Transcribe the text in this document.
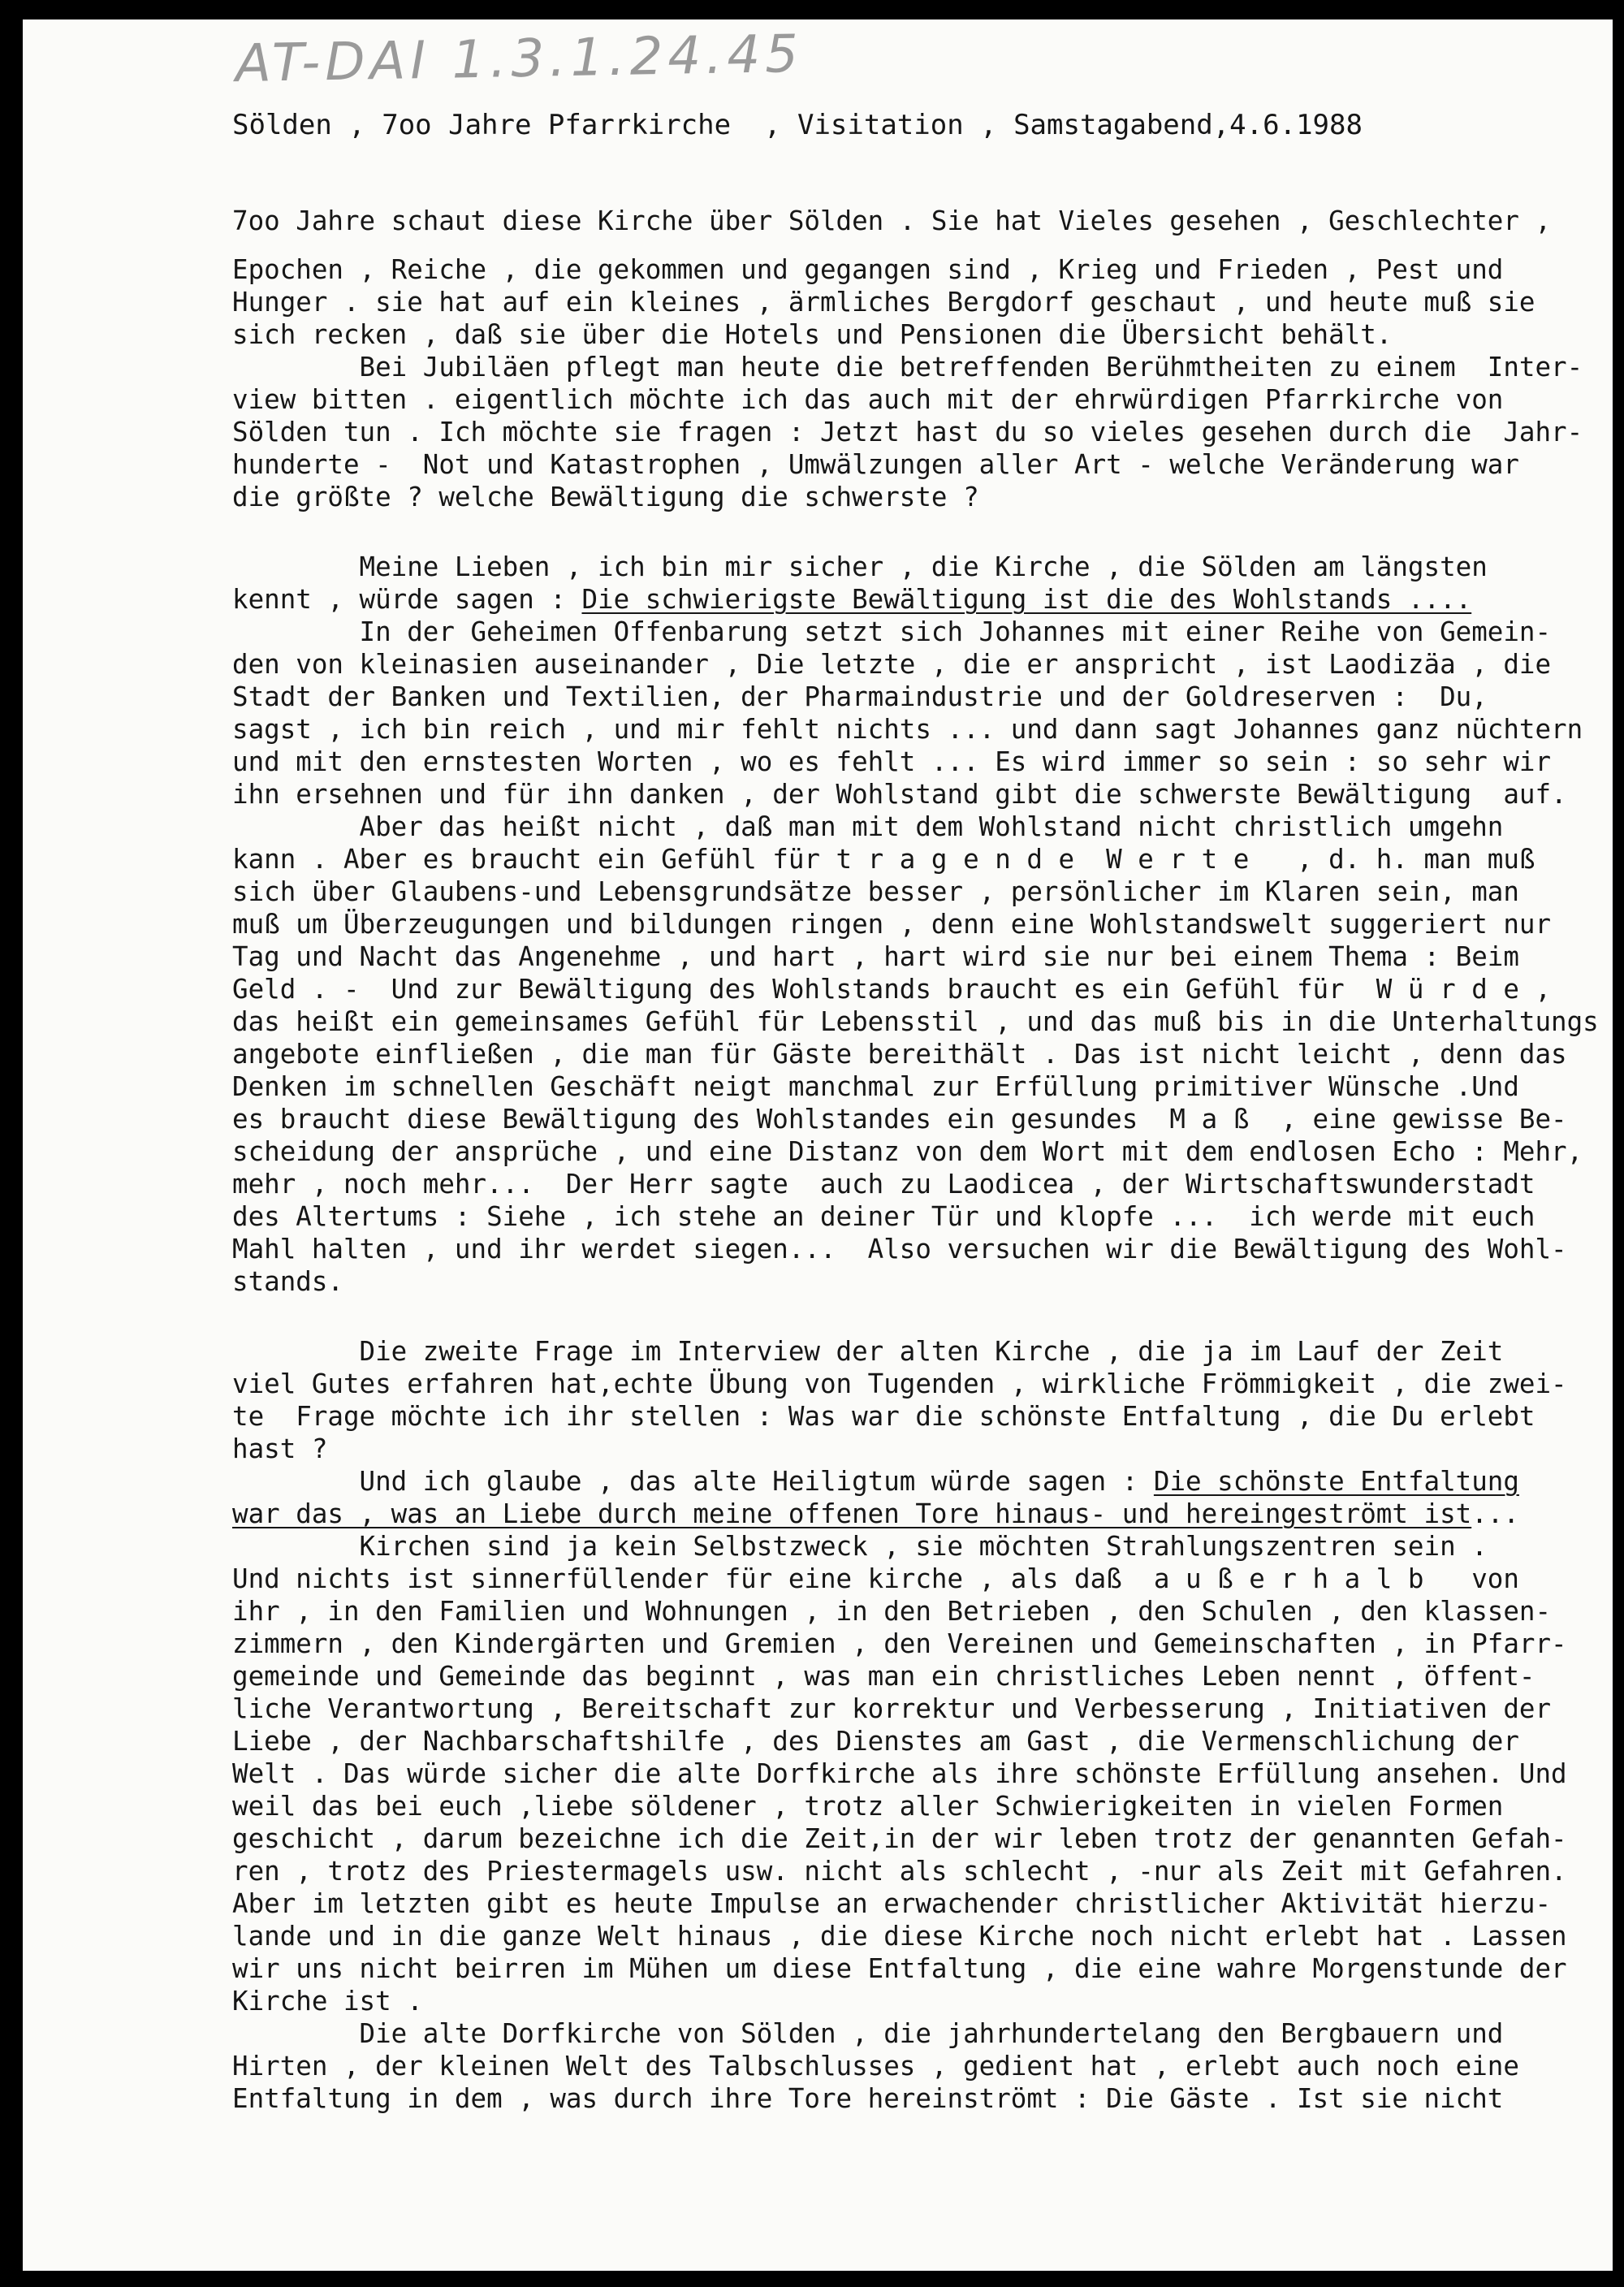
AT-DAI 1.3.1.24.45
Sölden , 7oo Jahre Pfarrkirche  , Visitation , Samstagabend,4.6.1988
7oo Jahre schaut diese Kirche über Sölden . Sie hat Vieles gesehen , Geschlechter ,
Epochen , Reiche , die gekommen und gegangen sind , Krieg und Frieden , Pest und
Hunger . sie hat auf ein kleines , ärmliches Bergdorf geschaut , und heute muß sie
sich recken , daß sie über die Hotels und Pensionen die Übersicht behält.
Bei Jubiläen pflegt man heute die betreffenden Berühmtheiten zu einem  Inter-
view bitten . eigentlich möchte ich das auch mit der ehrwürdigen Pfarrkirche von
Sölden tun . Ich möchte sie fragen : Jetzt hast du so vieles gesehen durch die  Jahr-
hunderte -  Not und Katastrophen , Umwälzungen aller Art - welche Veränderung war
die größte ? welche Bewältigung die schwerste ?
Meine Lieben , ich bin mir sicher , die Kirche , die Sölden am längsten
kennt , würde sagen : Die schwierigste Bewältigung ist die des Wohlstands ....
In der Geheimen Offenbarung setzt sich Johannes mit einer Reihe von Gemein-
den von kleinasien auseinander , Die letzte , die er anspricht , ist Laodizäa , die
Stadt der Banken und Textilien, der Pharmaindustrie und der Goldreserven :  Du,
sagst , ich bin reich , und mir fehlt nichts ... und dann sagt Johannes ganz nüchtern
und mit den ernstesten Worten , wo es fehlt ... Es wird immer so sein : so sehr wir
ihn ersehnen und für ihn danken , der Wohlstand gibt die schwerste Bewältigung  auf.
Aber das heißt nicht , daß man mit dem Wohlstand nicht christlich umgehn
kann . Aber es braucht ein Gefühl für t r a g e n d e  W e r t e   , d. h. man muß
sich über Glaubens-und Lebensgrundsätze besser , persönlicher im Klaren sein, man
muß um Überzeugungen und bildungen ringen , denn eine Wohlstandswelt suggeriert nur
Tag und Nacht das Angenehme , und hart , hart wird sie nur bei einem Thema : Beim
Geld . -  Und zur Bewältigung des Wohlstands braucht es ein Gefühl für  W ü r d e ,
das heißt ein gemeinsames Gefühl für Lebensstil , und das muß bis in die Unterhaltungs
angebote einfließen , die man für Gäste bereithält . Das ist nicht leicht , denn das
Denken im schnellen Geschäft neigt manchmal zur Erfüllung primitiver Wünsche .Und
es braucht diese Bewältigung des Wohlstandes ein gesundes  M a ß  , eine gewisse Be-
scheidung der ansprüche , und eine Distanz von dem Wort mit dem endlosen Echo : Mehr,
mehr , noch mehr...  Der Herr sagte  auch zu Laodicea , der Wirtschaftswunderstadt
des Altertums : Siehe , ich stehe an deiner Tür und klopfe ...  ich werde mit euch
Mahl halten , und ihr werdet siegen...  Also versuchen wir die Bewältigung des Wohl-
stands.
Die zweite Frage im Interview der alten Kirche , die ja im Lauf der Zeit
viel Gutes erfahren hat,echte Übung von Tugenden , wirkliche Frömmigkeit , die zwei-
te  Frage möchte ich ihr stellen : Was war die schönste Entfaltung , die Du erlebt
hast ?
Und ich glaube , das alte Heiligtum würde sagen : Die schönste Entfaltung
war das , was an Liebe durch meine offenen Tore hinaus- und hereingeströmt ist...
Kirchen sind ja kein Selbstzweck , sie möchten Strahlungszentren sein .
Und nichts ist sinnerfüllender für eine kirche , als daß  a u ß e r h a l b   von
ihr , in den Familien und Wohnungen , in den Betrieben , den Schulen , den klassen-
zimmern , den Kindergärten und Gremien , den Vereinen und Gemeinschaften , in Pfarr-
gemeinde und Gemeinde das beginnt , was man ein christliches Leben nennt , öffent-
liche Verantwortung , Bereitschaft zur korrektur und Verbesserung , Initiativen der
Liebe , der Nachbarschaftshilfe , des Dienstes am Gast , die Vermenschlichung der
Welt . Das würde sicher die alte Dorfkirche als ihre schönste Erfüllung ansehen. Und
weil das bei euch ,liebe söldener , trotz aller Schwierigkeiten in vielen Formen
geschicht , darum bezeichne ich die Zeit,in der wir leben trotz der genannten Gefah-
ren , trotz des Priestermagels usw. nicht als schlecht , -nur als Zeit mit Gefahren.
Aber im letzten gibt es heute Impulse an erwachender christlicher Aktivität hierzu-
lande und in die ganze Welt hinaus , die diese Kirche noch nicht erlebt hat . Lassen
wir uns nicht beirren im Mühen um diese Entfaltung , die eine wahre Morgenstunde der
Kirche ist .
Die alte Dorfkirche von Sölden , die jahrhundertelang den Bergbauern und
Hirten , der kleinen Welt des Talbschlusses , gedient hat , erlebt auch noch eine
Entfaltung in dem , was durch ihre Tore hereinströmt : Die Gäste . Ist sie nicht
